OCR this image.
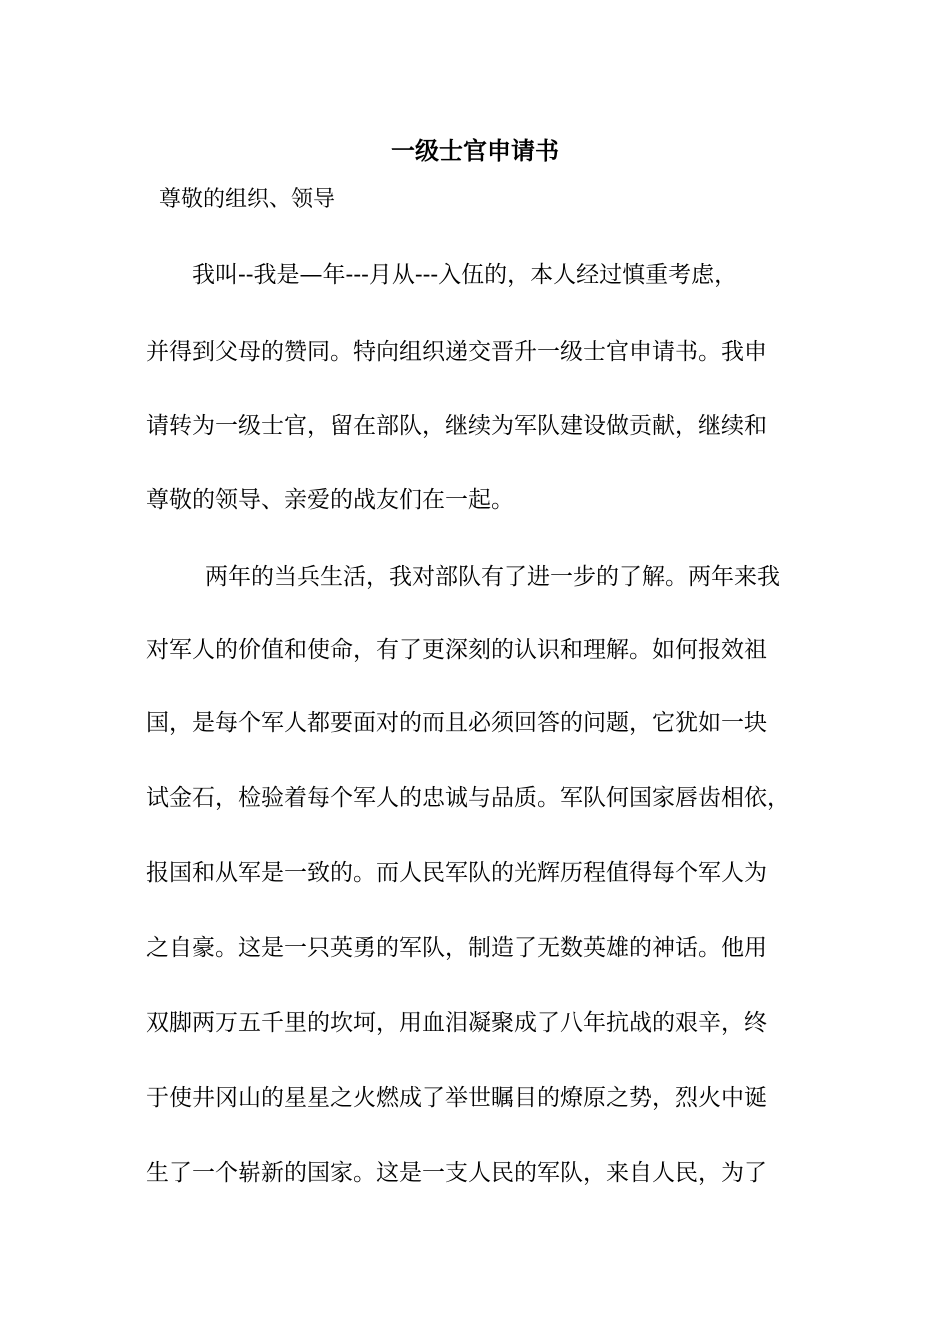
一级士官申请书
尊敬的组织、领导
我叫--我是—年---月从---入伍的，本人经过慎重考虑，
并得到父母的赞同。特向组织递交晋升一级士官申请书。我申
请转为一级士官，留在部队，继续为军队建设做贡献，继续和
尊敬的领导、亲爱的战友们在一起。
两年的当兵生活，我对部队有了进一步的了解。两年来我
对军人的价值和使命，有了更深刻的认识和理解。如何报效祖
国，是每个军人都要面对的而且必须回答的问题，它犹如一块
试金石，检验着每个军人的忠诚与品质。军队何国家唇齿相依，
报国和从军是一致的。而人民军队的光辉历程值得每个军人为
之自豪。这是一只英勇的军队，制造了无数英雄的神话。他用
双脚两万五千里的坎坷，用血泪凝聚成了八年抗战的艰辛，终
于使井冈山的星星之火燃成了举世瞩目的燎原之势，烈火中诞
生了一个崭新的国家。这是一支人民的军队，来自人民，为了
